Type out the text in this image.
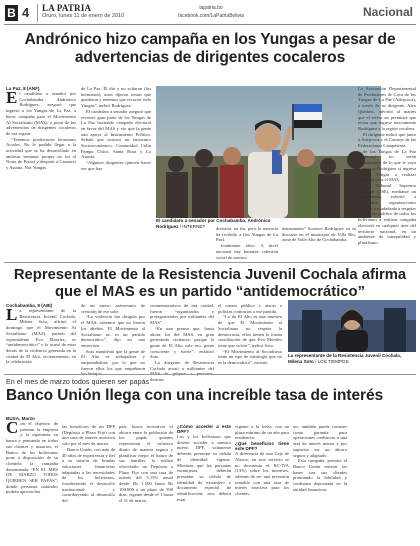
B 4 LA PATRIA
Oruro, lunes 11 de enero de 2010
lapatria.bo
facebook.com/LaPatriaBolivia	Nacional
Andrónico hizo campaña en los Yungas a pesar de advertencias de dirigentes cocaleros
La Paz, 8 (ANF)

El candidato a senador por Cochabamba, Andrónico Rodríguez, aseguró que ingresó a los Yungas de La Paz, a hacer campaña para el Movimiento Al Socialismo (MAS), a pesar de las advertencias de dirigentes cocaleros de esa región.

“Tenemos productores hermanos Aciales. No le podido llegar a la actividad que se ha desarrollado en antiesas semanas porque no fui al Norte de Potosí y después a Caranavi y Asunta. Nor Yungas

de La Paz. Él dio y no soltaron (los hermanos), unos dijeron temas que quedaron y tenemos que recorrer todo Yungas”, indicó Rodríguez.

El candidato a senador aseguró que recorrió gran parte de los Yungas de La Paz haciendo campaña electoral en favor del MAS y vio que la gente aún apoya al Instrumento Político. Señaló que sostuvo un encuentro Socioeconómico, Comunidad Colín Pampa Chico, Santa Rosa y La Asunta.

“Algunos dirigentes quieren hacer ver que hay

El candidato a senador por Cochabamba, Andrónico Rodríguez / INTERNET	división, en fin, pero la mayoría ha recibido a (los Yungas de La Paz).

totalmente falso. A nivel nacional hay bastante cohesión social de nuestro

instrumento” Sostuvo Rodríguez en su discurso en el municipio de Villa Río, zona de Valle Alto de Cochabamba.

La Asociación Departamental de Productores de Coca de los Yungas de La Paz (Adepcoca), a través de su dirigente, Alex Quisbert, advirtió al martes que el sector no permitirá que evitar que ingrese nuevamente Rodríguez a la región cocalera.

El dirigente indicó que junto a Adepcoca y el Consejo de las Federaciones Campesinas

de los Yungas de La Paz (Cofecay) no serán responsables de lo que le vaya a pasar a Rodríguez si ingresa a los Yungas a realizar campaña para el MAS.

El Tribunal Supremo Electoral (TSE), mediante un comunicado, exhortó a candidatos, organizaciones sociales y ciudadanía a respetar el derecho político de todos los bolivianos a realizar campaña electoral en cualquier área del territorio nacional, en un ambiente de tranquilidad y pluralismo.

Representante de la Resistencia Juvenil Cochala afirma que el MAS es un partido “antidemocrático”
Cochabamba, 8 (ABI)

La representante de la Resistencia Juvenil Cochala, Milena Soto, afirmó el domingo que el Movimiento Al Socialismo (MAS), partido del expresidente Evo Morales, es “antidemocrático” y lo acusó de estar detrás de la violencia generada en la ciudad de El Alto, recientemente, en la celebración

de un nuevo aniversario de creación de ese urbe.

“La violencia fue dirigida por el MAS, sabemos que no fueron los alteños. El Movimiento al Socialismo no es un partido democrático”, dijo en una entrevista.

Soto manifestó que la gente de El Alto es trabajadora y emprendedora, por lo que no fueron ellos los que empañaron

conmemorativos de esa ciudad, fueron “organizados y protagonizados por militantes del MAS”.

“En una prensa que, hasta ahora, los del MAS, en gran generando violencia, porque la gente de El Alto vale eso, gente consciente y fuerte”, enfatizó Soto.

La dirigente de Resistencia Cochala acusó a militantes del destruir

el ornato público y atacar a policías contrarios a ese partido.

“Lo de El Alto es una muestra de que El Movimiento al Socialismo no respeta la democracia, ellos tienen la forma conciliación de que Evo Morales tiene que volver”, indicó Soto.

“El Movimiento al Socialismo tiene un tipo de ideología que no es la democrática”, insistió.

La representante de la Resistencia Juvenil Cochala, Milena Soto / LOS TIEMPOS
En el mes de marzo todos quieren ser papás
Banco Unión llega con una increíble tasa de interés
BUSA, Marzo

Con el objetivo de premiar la empresa y la esperanza en banca y pensando en todos sus clientes y usuarios, el Banco de los bolivianos pone a disposición de su clientela la campaña denominada “EN EL MES DE MARZO TODOS QUIEREN SER PAPÁS”, donde personas naturales podrán aprovechar

las beneficios de un DPF (Depósito a Plazo Fijo) con una tasa de interés atractiva solo por el mes de marzo.

Banco Unión, con más de 40 años de experiencia y fiel a su misión de brindar soluciones financieras adaptadas a las necesidades de los bolivianos, fortaleciendo el desarrollo institucional y contribuyendo al desarrollo del

país, busca incentivar el ahorro entre la población de los papás quienes representan el esfuerzo diario de manera segura y planificar mejor el futuro de sus familias, lo realiza ofreciendo un Depósito a Plazo Fijo con una tasa de interés del 5,15% anual desde Bs 1.500 hasta Bs 100.000 a un plazo de 390 días, vigente desde el 1 hasta el 31 de marzo.

¿Cómo acceder a este DPF?

Los y los bolivianos que deseen acceder a nuestro nuevo DPF, solamente deberán presentar su cédula de identidad vigente. Mientras que las personas extranjeras, deberán presentar su cédula de identidad de extranjero o documento especial de identificación, esta deberá estar

vigente a la fecha, con un plazo mínimo de un año para residencia.

¿Qué beneficios tiene este DPF?

A diferencia de una Caja de Ahorro, en este servicio se no descuenta el RC-IVA (13%) sobre los intereses, además de ser una inversión rentable con una tasa de interés atractiva para los clientes,

tes, también puede contraer como garantía para operaciones crediticias a una tasa de interés menor y por supuesto ser un ahorro seguro y adaptado.

Esta campaña, permite al Banco Unión reiterar las bases con sus clientes premiando la fidelidad y confianza depositada en la entidad financiera.
